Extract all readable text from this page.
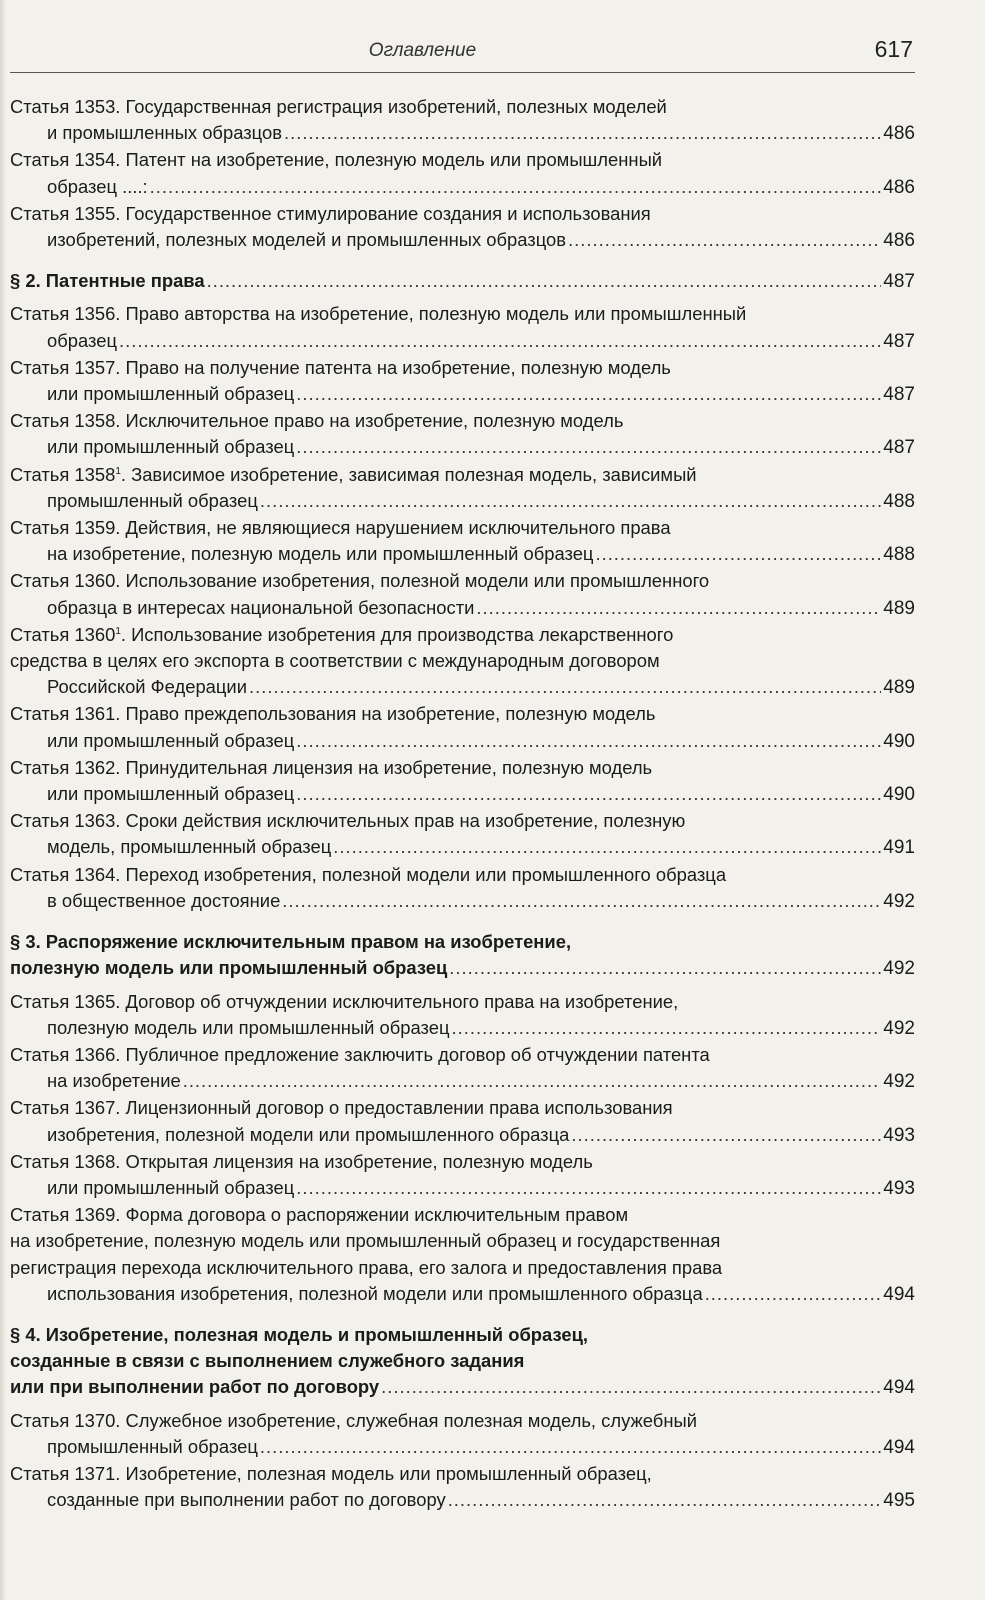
Оглавление	617
Статья 1353. Государственная регистрация изобретений, полезных моделей
и промышленных образцов .....	486
Статья 1354. Патент на изобретение, полезную модель или промышленный
образец ....: .....	486
Статья 1355. Государственное стимулирование создания и использования
изобретений, полезных моделей и промышленных образцов .....	486
§ 2. Патентные права .....	487
Статья 1356. Право авторства на изобретение, полезную модель или промышленный
образец .....	487
Статья 1357. Право на получение патента на изобретение, полезную модель
или промышленный образец .....	487
Статья 1358. Исключительное право на изобретение, полезную модель
или промышленный образец .....	487
Статья 1358$^1$. Зависимое изобретение, зависимая полезная модель, зависимый
промышленный образец .....	488
Статья 1359. Действия, не являющиеся нарушением исключительного права
на изобретение, полезную модель или промышленный образец .....	488
Статья 1360. Использование изобретения, полезной модели или промышленного
образца в интересах национальной безопасности .....	489
Статья 1360$^1$. Использование изобретения для производства лекарственного
средства в целях его экспорта в соответствии с международным договором
Российской Федерации .....	489
Статья 1361. Право преждепользования на изобретение, полезную модель
или промышленный образец .....	490
Статья 1362. Принудительная лицензия на изобретение, полезную модель
или промышленный образец .....	490
Статья 1363. Сроки действия исключительных прав на изобретение, полезную
модель, промышленный образец .....	491
Статья 1364. Переход изобретения, полезной модели или промышленного образца
в общественное достояние .....	492
§ 3. Распоряжение исключительным правом на изобретение,
полезную модель или промышленный образец .....	492
Статья 1365. Договор об отчуждении исключительного права на изобретение,
полезную модель или промышленный образец .....	492
Статья 1366. Публичное предложение заключить договор об отчуждении патента
на изобретение .....	492
Статья 1367. Лицензионный договор о предоставлении права использования
изобретения, полезной модели или промышленного образца .....	493
Статья 1368. Открытая лицензия на изобретение, полезную модель
или промышленный образец .....	493
Статья 1369. Форма договора о распоряжении исключительным правом
на изобретение, полезную модель или промышленный образец и государственная
регистрация перехода исключительного права, его залога и предоставления права
использования изобретения, полезной модели или промышленного образца .....	494
§ 4. Изобретение, полезная модель и промышленный образец,
созданные в связи с выполнением служебного задания
или при выполнении работ по договору .....	494
Статья 1370. Служебное изобретение, служебная полезная модель, служебный
промышленный образец .....	494
Статья 1371. Изобретение, полезная модель или промышленный образец,
созданные при выполнении работ по договору .....	495
